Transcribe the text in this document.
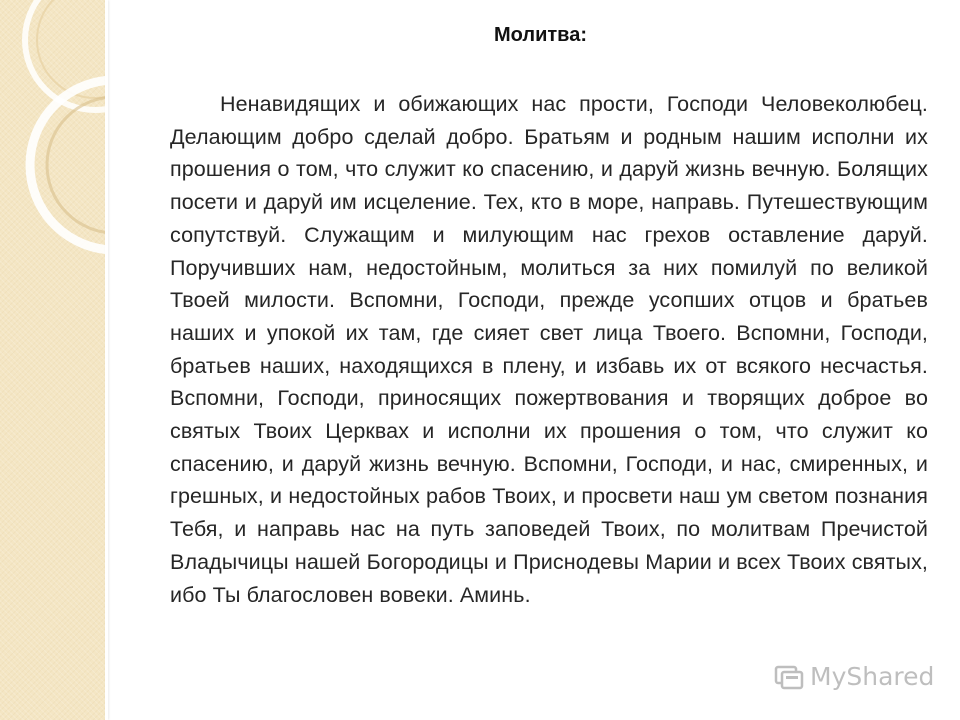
Молитва:

Ненавидящих и обижающих нас прости, Господи Человеколюбец. Делающим добро сделай добро. Братьям и родным нашим исполни их прошения о том, что служит ко спасению, и даруй жизнь вечную. Болящих посети и даруй им исцеление. Тех, кто в море, направь. Путешествующим сопутствуй. Служащим и милующим нас грехов оставление даруй. Поручивших нам, недостойным, молиться за них помилуй по великой Твоей милости. Вспомни, Господи, прежде усопших отцов и братьев наших и упокой их там, где сияет свет лица Твоего. Вспомни, Господи, братьев наших, находящихся в плену, и избавь их от всякого несчастья. Вспомни, Господи, приносящих пожертвования и творящих доброе во святых Твоих Церквах и исполни их прошения о том, что служит ко спасению, и даруй жизнь вечную. Вспомни, Господи, и нас, смиренных, и грешных, и недостойных рабов Твоих, и просвети наш ум светом познания Тебя, и направь нас на путь заповедей Твоих, по молитвам Пречистой Владычицы нашей Богородицы и Приснодевы Марии и всех Твоих святых, ибо Ты благословен вовеки. Аминь.

MyShared
